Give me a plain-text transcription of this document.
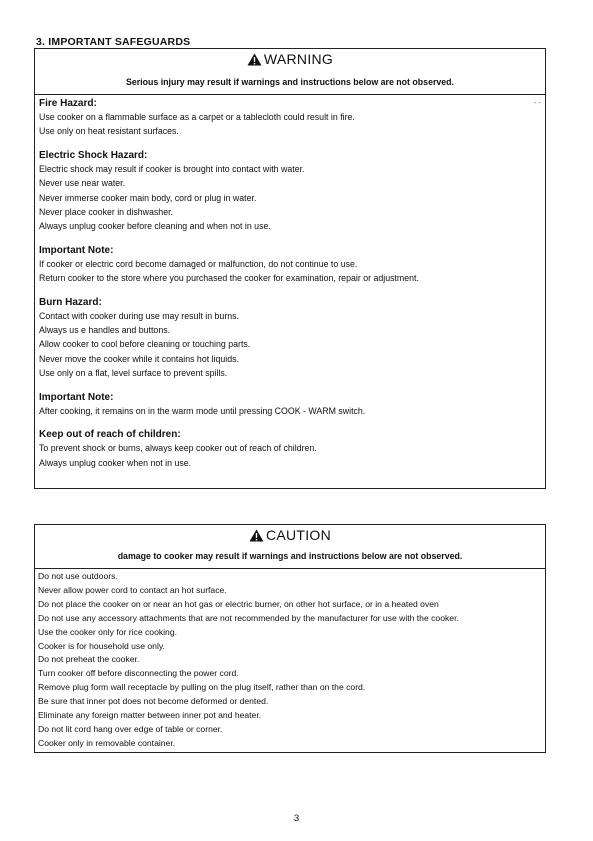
3. IMPORTANT SAFEGUARDS
- -
WARNING
Serious injury may result if warnings and instructions below are not observed.
Fire Hazard:
Use cooker on a flammable surface as a carpet or a tablecloth could result in fire.
Use only on heat resistant surfaces.
Electric Shock Hazard:
Electric shock may result if cooker is brought into contact with water.
Never use near water.
Never immerse cooker main body, cord or plug in water.
Never place cooker in dishwasher.
Always unplug cooker before cleaning and when not in use.
Important Note:
If cooker or electric cord become damaged or malfunction, do not continue to use.
Return cooker to the store where you purchased the cooker for examination, repair or adjustment.
Burn Hazard:
Contact with cooker during use may result in burns.
Always us e handles and buttons.
Allow cooker to cool before cleaning or touching parts.
Never move the cooker while it contains hot liquids.
Use only on a flat, level surface to prevent spills.
Important Note:
After cooking, it remains on in the warm mode until pressing COOK - WARM switch.
Keep out of reach of children:
To prevent shock or burns, always keep cooker out of reach of children.
Always unplug cooker when not in use.
CAUTION
damage to cooker may result if warnings and instructions below are not observed.
Do not use outdoors.
Never allow power cord to contact an hot surface.
Do not place the cooker on or near an hot gas or electric burner, on other hot surface, or in a heated oven
Do not use any accessory attachments that are not recommended by the manufacturer for use with the cooker.
Use the cooker only for rice cooking.
Cooker is for household use only.
Do not preheat the cooker.
Turn cooker off before disconnecting the power cord.
Remove plug form wall receptacle by pulling on the plug itself, rather than on the cord.
Be sure that inner pot does not become deformed or dented.
Eliminate any foreign matter between inner pot and heater.
Do not lit cord hang over edge of table or corner.
Cooker only in removable container.
3
